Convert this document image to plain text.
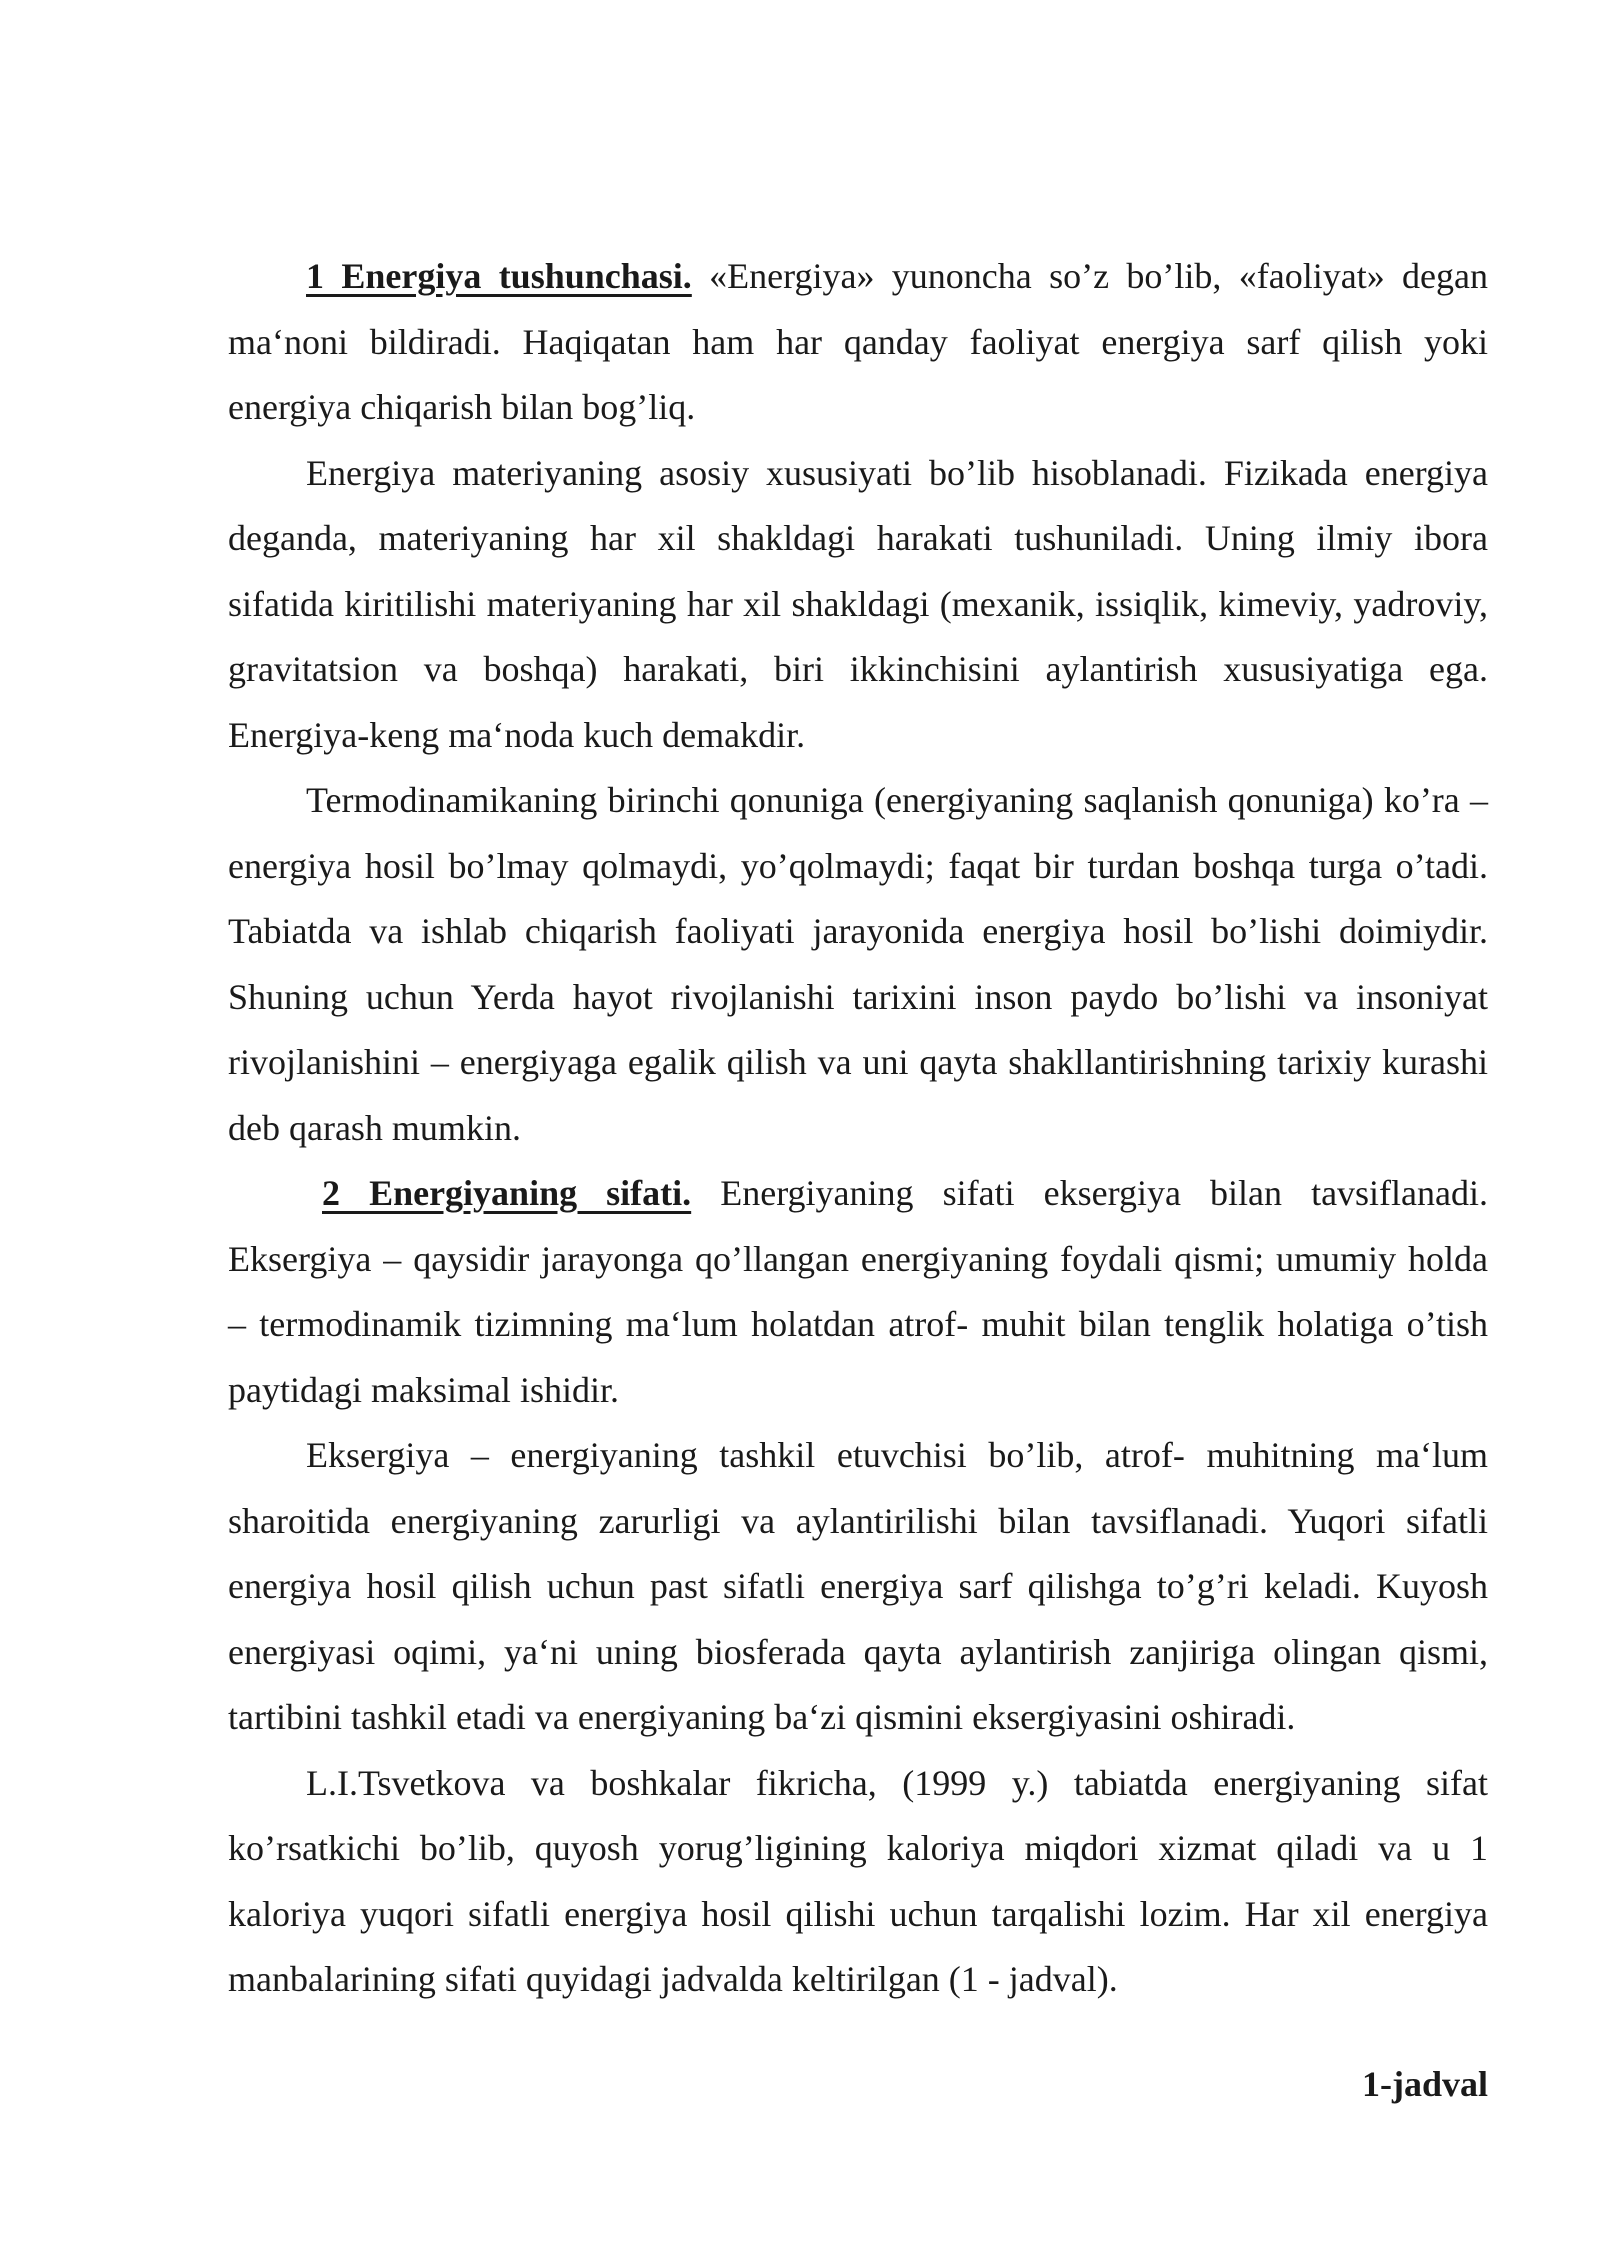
1 Energiya tushunchasi. «Energiya» yunoncha so’z bo’lib, «faoliyat» degan ma‘noni bildiradi. Haqiqatan ham har qanday faoliyat energiya sarf qilish yoki energiya chiqarish bilan bog’liq.

Energiya materiyaning asosiy xususiyati bo’lib hisoblanadi. Fizikada energiya deganda, materiyaning har xil shakldagi harakati tushuniladi. Uning ilmiy ibora sifatida kiritilishi materiyaning har xil shakldagi (mexanik, issiqlik, kimeviy, yadroviy, gravitatsion va boshqa) harakati, biri ikkinchisini aylantirish xususiyatiga ega. Energiya-keng ma‘noda kuch demakdir.

Termodinamikaning birinchi qonuniga (energiyaning saqlanish qonuniga) ko’ra – energiya hosil bo’lmay qolmaydi, yo’qolmaydi; faqat bir turdan boshqa turga o’tadi. Tabiatda va ishlab chiqarish faoliyati jarayonida energiya hosil bo’lishi doimiydir. Shuning uchun Yerda hayot rivojlanishi tarixini inson paydo bo’lishi va insoniyat rivojlanishini – energiyaga egalik qilish va uni qayta shakllantirishning tarixiy kurashi deb qarash mumkin.

2 Energiyaning sifati. Energiyaning sifati eksergiya bilan tavsiflanadi. Eksergiya – qaysidir jarayonga qo’llangan energiyaning foydali qismi; umumiy holda – termodinamik tizimning ma‘lum holatdan atrof- muhit bilan tenglik holatiga o’tish paytidagi maksimal ishidir.

Eksergiya – energiyaning tashkil etuvchisi bo’lib, atrof- muhitning ma‘lum sharoitida energiyaning zarurligi va aylantirilishi bilan tavsiflanadi. Yuqori sifatli energiya hosil qilish uchun past sifatli energiya sarf qilishga to’g’ri keladi. Kuyosh energiyasi oqimi, ya‘ni uning biosferada qayta aylantirish zanjiriga olingan qismi, tartibini tashkil etadi va energiyaning ba‘zi qismini eksergiyasini oshiradi.

L.I.Tsvetkova va boshkalar fikricha, (1999 y.) tabiatda energiyaning sifat ko’rsatkichi bo’lib, quyosh yorug’ligining kaloriya miqdori xizmat qiladi va u 1 kaloriya yuqori sifatli energiya hosil qilishi uchun tarqalishi lozim. Har xil energiya manbalarining sifati quyidagi jadvalda keltirilgan (1 - jadval).

1-jadval
